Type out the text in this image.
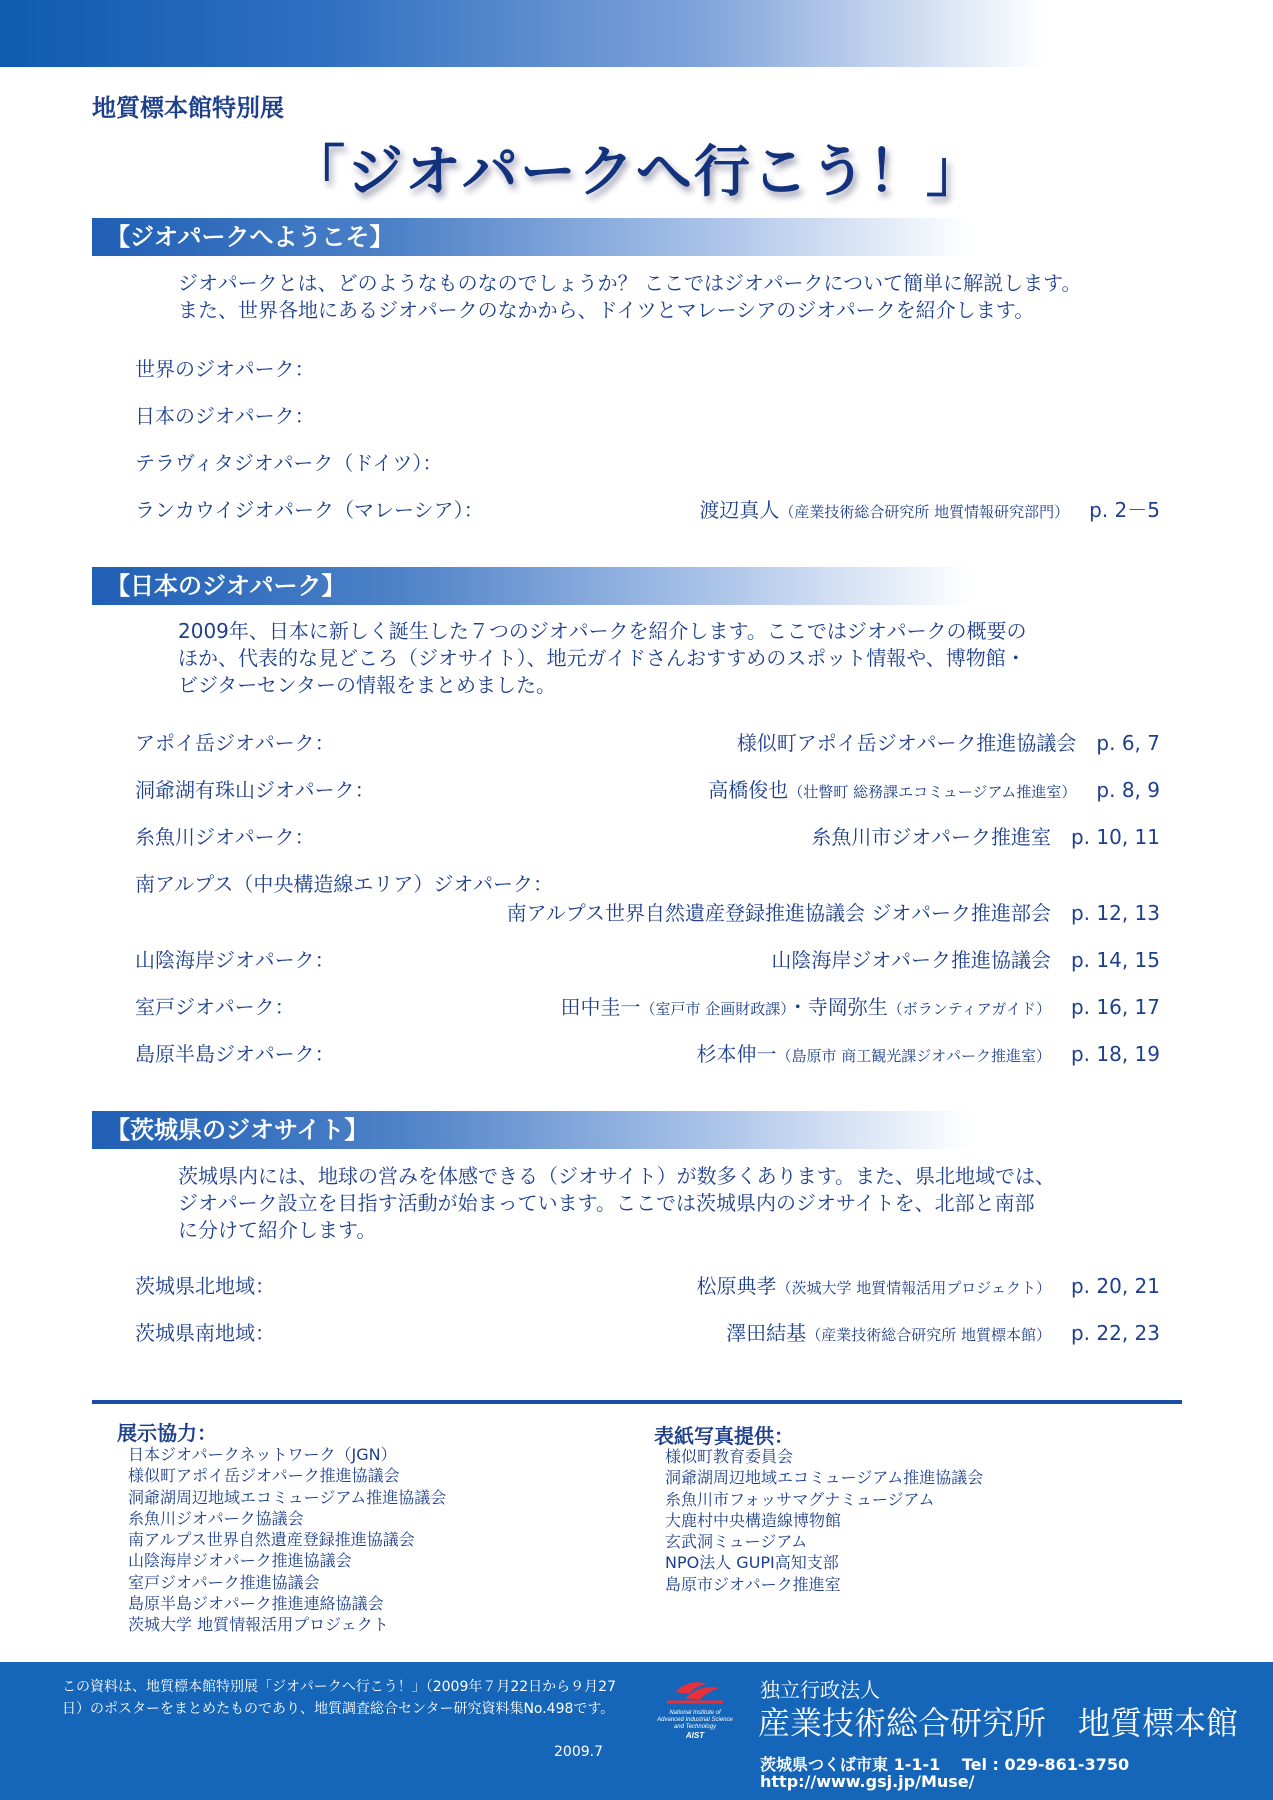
地質標本館特別展
「ジオパークへ行こう！」
【ジオパークへようこそ】
ジオパークとは、どのようなものなのでしょうか？ ここではジオパークについて簡単に解説します。
また、世界各地にあるジオパークのなかから、ドイツとマレーシアのジオパークを紹介します。
世界のジオパーク：
日本のジオパーク：
テラヴィタジオパーク（ドイツ）：
ランカウイジオパーク（マレーシア）：	渡辺真人（産業技術総合研究所 地質情報研究部門） p. 2－5
【日本のジオパーク】
2009年、日本に新しく誕生した７つのジオパークを紹介します。ここではジオパークの概要の
ほか、代表的な見どころ（ジオサイト）、地元ガイドさんおすすめのスポット情報や、博物館・
ビジターセンターの情報をまとめました。
アポイ岳ジオパーク：	様似町アポイ岳ジオパーク推進協議会 p. 6, 7
洞爺湖有珠山ジオパーク：	高橋俊也（壮瞥町 総務課エコミュージアム推進室） p. 8, 9
糸魚川ジオパーク：	糸魚川市ジオパーク推進室 p. 10, 11
南アルプス（中央構造線エリア）ジオパーク：
南アルプス世界自然遺産登録推進協議会 ジオパーク推進部会 p. 12, 13
山陰海岸ジオパーク：	山陰海岸ジオパーク推進協議会 p. 14, 15
室戸ジオパーク：	田中圭一（室戸市 企画財政課）・寺岡弥生（ボランティアガイド） p. 16, 17
島原半島ジオパーク：	杉本伸一（島原市 商工観光課ジオパーク推進室） p. 18, 19
【茨城県のジオサイト】
茨城県内には、地球の営みを体感できる（ジオサイト）が数多くあります。また、県北地域では、
ジオパーク設立を目指す活動が始まっています。ここでは茨城県内のジオサイトを、北部と南部
に分けて紹介します。
茨城県北地域：	松原典孝（茨城大学 地質情報活用プロジェクト） p. 20, 21
茨城県南地域：	澤田結基（産業技術総合研究所 地質標本館） p. 22, 23
展示協力：
日本ジオパークネットワーク（JGN）
様似町アポイ岳ジオパーク推進協議会
洞爺湖周辺地域エコミュージアム推進協議会
糸魚川ジオパーク協議会
南アルプス世界自然遺産登録推進協議会
山陰海岸ジオパーク推進協議会
室戸ジオパーク推進協議会
島原半島ジオパーク推進連絡協議会
茨城大学 地質情報活用プロジェクト
表紙写真提供：
様似町教育委員会
洞爺湖周辺地域エコミュージアム推進協議会
糸魚川市フォッサマグナミュージアム
大鹿村中央構造線博物館
玄武洞ミュージアム
NPO法人 GUPI高知支部
島原市ジオパーク推進室
この資料は、地質標本館特別展「ジオパークへ行こう！」（2009年７月22日から９月27日）のポスターをまとめたものであり、地質調査総合センター研究資料集No.498です。
2009.7
National Institute of
Advanced Industrial Science
and Technology
AIST
独立行政法人
産業技術総合研究所　地質標本館
茨城県つくば市東 1-1-1　 Tel : 029-861-3750
http://www.gsj.jp/Muse/
